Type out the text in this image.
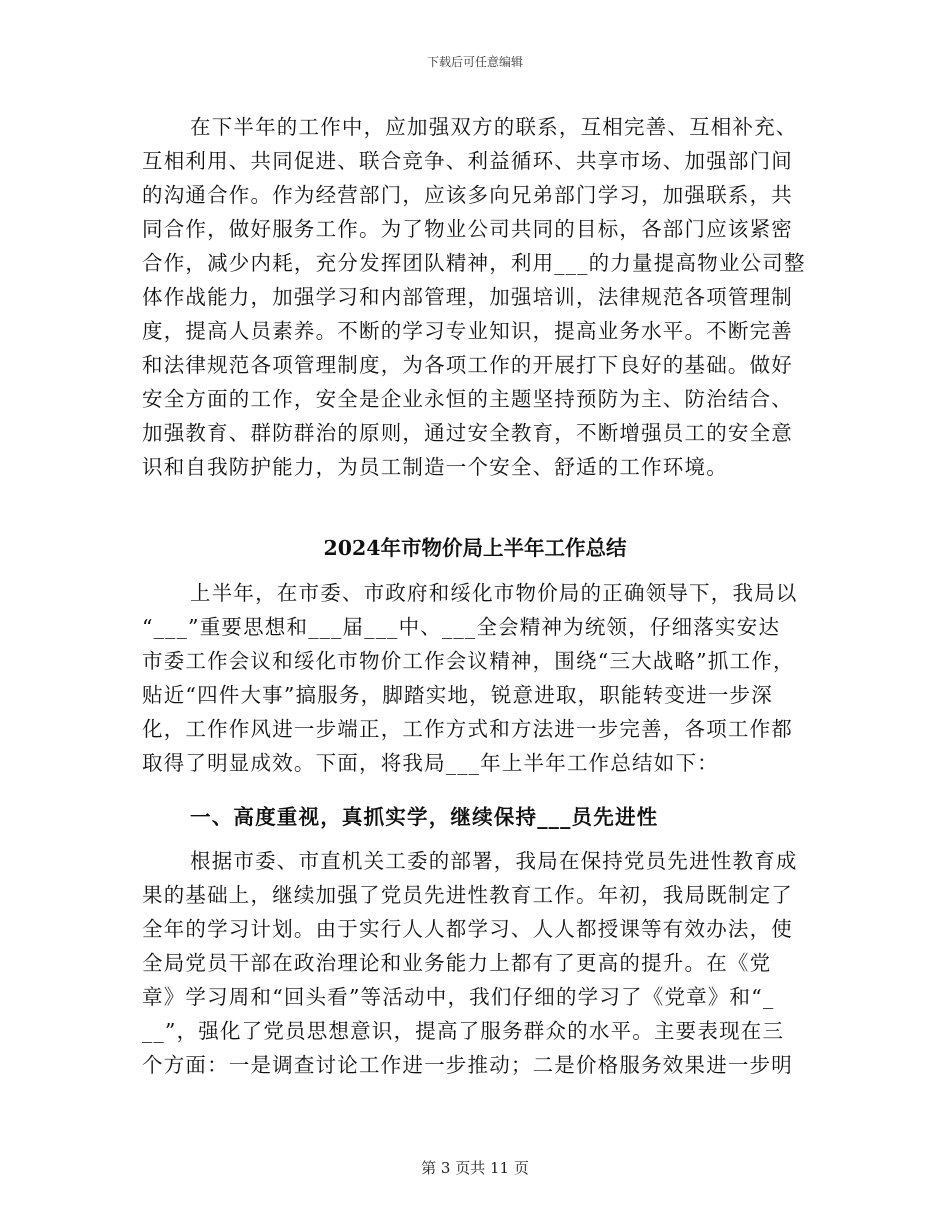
下载后可任意编辑
在下半年的工作中，应加强双方的联系，互相完善、互相补充、
互相利用、共同促进、联合竞争、利益循环、共享市场、加强部门间
的沟通合作。作为经营部门，应该多向兄弟部门学习，加强联系，共
同合作，做好服务工作。为了物业公司共同的目标，各部门应该紧密
合作，减少内耗，充分发挥团队精神，利用___的力量提高物业公司整
体作战能力，加强学习和内部管理，加强培训，法律规范各项管理制
度，提高人员素养。不断的学习专业知识，提高业务水平。不断完善
和法律规范各项管理制度，为各项工作的开展打下良好的基础。做好
安全方面的工作，安全是企业永恒的主题坚持预防为主、防治结合、
加强教育、群防群治的原则，通过安全教育，不断增强员工的安全意
识和自我防护能力，为员工制造一个安全、舒适的工作环境。
2024年市物价局上半年工作总结
上半年，在市委、市政府和绥化市物价局的正确领导下，我局以
“___”重要思想和___届___中、___全会精神为统领，仔细落实安达
市委工作会议和绥化市物价工作会议精神，围绕“三大战略”抓工作，
贴近“四件大事”搞服务，脚踏实地，锐意进取，职能转变进一步深
化，工作作风进一步端正，工作方式和方法进一步完善，各项工作都
取得了明显成效。下面，将我局___年上半年工作总结如下：
一、高度重视，真抓实学，继续保持___员先进性
根据市委、市直机关工委的部署，我局在保持党员先进性教育成
果的基础上，继续加强了党员先进性教育工作。年初，我局既制定了
全年的学习计划。由于实行人人都学习、人人都授课等有效办法，使
全局党员干部在政治理论和业务能力上都有了更高的提升。在《党
章》学习周和“回头看”等活动中，我们仔细的学习了《党章》和“_
__”，强化了党员思想意识，提高了服务群众的水平。主要表现在三
个方面：一是调查讨论工作进一步推动；二是价格服务效果进一步明
第 3 页共 11 页
